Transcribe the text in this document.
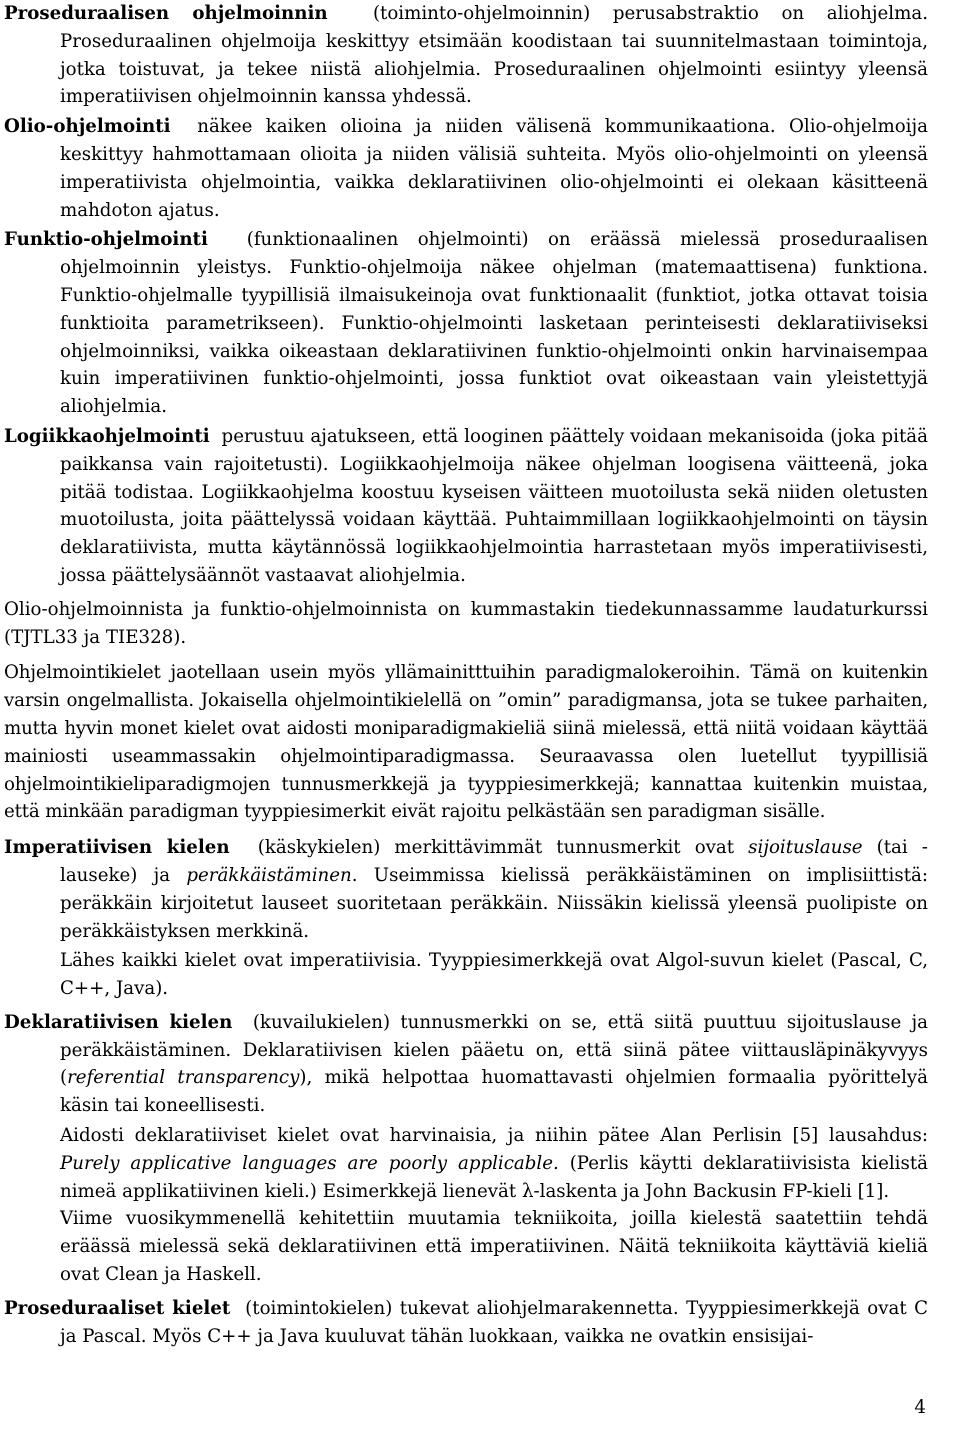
Proseduraalisen ohjelmoinnin (toiminto-ohjelmoinnin) perusabstraktio on aliohjelma. Proseduraalinen ohjelmoija keskittyy etsimään koodistaan tai suunnitelmastaan toimintoja, jotka toistuvat, ja tekee niistä aliohjelmia. Proseduraalinen ohjelmointi esiintyy yleensä imperatiivisen ohjelmoinnin kanssa yhdessä.

Olio-ohjelmointi näkee kaiken olioina ja niiden välisenä kommunikaationa. Olio-ohjelmoija keskittyy hahmottamaan olioita ja niiden välisiä suhteita. Myös olio-ohjelmointi on yleensä imperatiivista ohjelmointia, vaikka deklaratiivinen olio-ohjelmointi ei olekaan käsitteenä mahdoton ajatus.

Funktio-ohjelmointi (funktionaalinen ohjelmointi) on eräässä mielessä proseduraalisen ohjelmoinnin yleistys. Funktio-ohjelmoija näkee ohjelman (matemaattisena) funktiona. Funktio-ohjelmalle tyypillisiä ilmaisukeinoja ovat funktionaalit (funktiot, jotka ottavat toisia funktioita parametrikseen). Funktio-ohjelmointi lasketaan perinteisesti deklaratiiviseksi ohjelmoinniksi, vaikka oikeastaan deklaratiivinen funktio-ohjelmointi onkin harvinaisempaa kuin imperatiivinen funktio-ohjelmointi, jossa funktiot ovat oikeastaan vain yleistettyjä aliohjelmia.

Logiikkaohjelmointi perustuu ajatukseen, että looginen päättely voidaan mekanisoida (joka pitää paikkansa vain rajoitetusti). Logiikkaohjelmoija näkee ohjelman loogisena väitteenä, joka pitää todistaa. Logiikkaohjelma koostuu kyseisen väitteen muotoilusta sekä niiden oletusten muotoilusta, joita päättelyssä voidaan käyttää. Puhtaimmillaan logiikkaohjelmointi on täysin deklaratiivista, mutta käytännössä logiikkaohjelmointia harrastetaan myös imperatiivisesti, jossa päättelysäännöt vastaavat aliohjelmia.

Olio-ohjelmoinnista ja funktio-ohjelmoinnista on kummastakin tiedekunnassamme laudaturkurssi (TJTL33 ja TIE328).

Ohjelmointikielet jaotellaan usein myös yllämainitttuihin paradigmalokeroihin. Tämä on kuitenkin varsin ongelmallista. Jokaisella ohjelmointikielellä on ”omin” paradigmansa, jota se tukee parhaiten, mutta hyvin monet kielet ovat aidosti moniparadigmakieliä siinä mielessä, että niitä voidaan käyttää mainiosti useammassakin ohjelmointiparadigmassa. Seuraavassa olen luetellut tyypillisiä ohjelmointikieliparadigmojen tunnusmerkkejä ja tyyppiesimerkkejä; kannattaa kuitenkin muistaa, että minkään paradigman tyyppiesimerkit eivät rajoitu pelkästään sen paradigman sisälle.

Imperatiivisen kielen (käskykielen) merkittävimmät tunnusmerkit ovat sijoituslause (tai -lauseke) ja peräkkäistäminen. Useimmissa kielissä peräkkäistäminen on implisiittistä: peräkkäin kirjoitetut lauseet suoritetaan peräkkäin. Niissäkin kielissä yleensä puolipiste on peräkkäistyksen merkkinä.
Lähes kaikki kielet ovat imperatiivisia. Tyyppiesimerkkejä ovat Algol-suvun kielet (Pascal, C, C++, Java).
Deklaratiivisen kielen (kuvailukielen) tunnusmerkki on se, että siitä puuttuu sijoituslause ja peräkkäistäminen. Deklaratiivisen kielen pääetu on, että siinä pätee viittausläpinäkyvyys (referential transparency), mikä helpottaa huomattavasti ohjelmien formaalia pyörittelyä käsin tai koneellisesti.
Aidosti deklaratiiviset kielet ovat harvinaisia, ja niihin pätee Alan Perlisin [5] lausahdus: Purely applicative languages are poorly applicable. (Perlis käytti deklaratiivisista kielistä nimeä applikatiivinen kieli.) Esimerkkejä lienevät λ-laskenta ja John Backusin FP-kieli [1].
Viime vuosikymmenellä kehitettiin muutamia tekniikoita, joilla kielestä saatettiin tehdä eräässä mielessä sekä deklaratiivinen että imperatiivinen. Näitä tekniikoita käyttäviä kieliä ovat Clean ja Haskell.
Proseduraaliset kielet (toimintokielen) tukevat aliohjelmarakennetta. Tyyppiesimerkkejä ovat C ja Pascal. Myös C++ ja Java kuuluvat tähän luokkaan, vaikka ne ovatkin ensisijai-
4
